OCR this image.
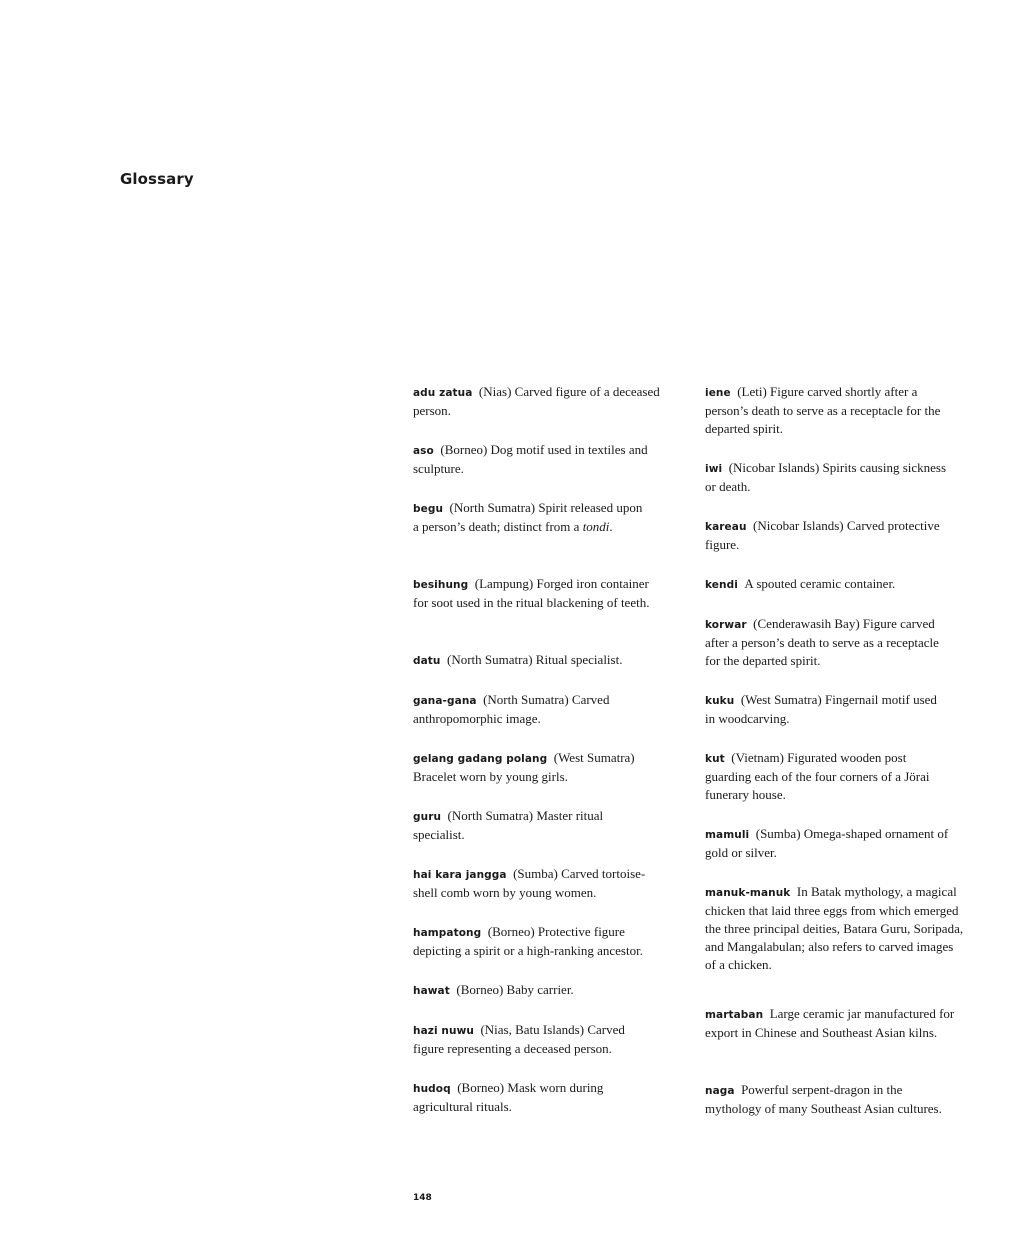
Glossary

adu zatua (Nias) Carved figure of a deceased person.

aso (Borneo) Dog motif used in textiles and sculpture.

begu (North Sumatra) Spirit released upon a person’s death; distinct from a tondi.

besihung (Lampung) Forged iron container for soot used in the ritual blackening of teeth.

datu (North Sumatra) Ritual specialist.

gana-gana (North Sumatra) Carved anthropomorphic image.

gelang gadang polang (West Sumatra) Bracelet worn by young girls.

guru (North Sumatra) Master ritual specialist.

hai kara jangga (Sumba) Carved tortoise-shell comb worn by young women.

hampatong (Borneo) Protective figure depicting a spirit or a high-ranking ancestor.

hawat (Borneo) Baby carrier.

hazi nuwu (Nias, Batu Islands) Carved figure representing a deceased person.

hudoq (Borneo) Mask worn during agricultural rituals.

iene (Leti) Figure carved shortly after a person’s death to serve as a receptacle for the departed spirit.

iwi (Nicobar Islands) Spirits causing sickness or death.

kareau (Nicobar Islands) Carved protective figure.

kendi A spouted ceramic container.

korwar (Cenderawasih Bay) Figure carved after a person’s death to serve as a receptacle for the departed spirit.

kuku (West Sumatra) Fingernail motif used in woodcarving.

kut (Vietnam) Figurated wooden post guarding each of the four corners of a Jörai funerary house.

mamuli (Sumba) Omega-shaped ornament of gold or silver.

manuk-manuk In Batak mythology, a magical chicken that laid three eggs from which emerged the three principal deities, Batara Guru, Soripada, and Mangalabulan; also refers to carved images of a chicken.

martaban Large ceramic jar manufactured for export in Chinese and Southeast Asian kilns.

naga Powerful serpent-dragon in the mythology of many Southeast Asian cultures.

148
